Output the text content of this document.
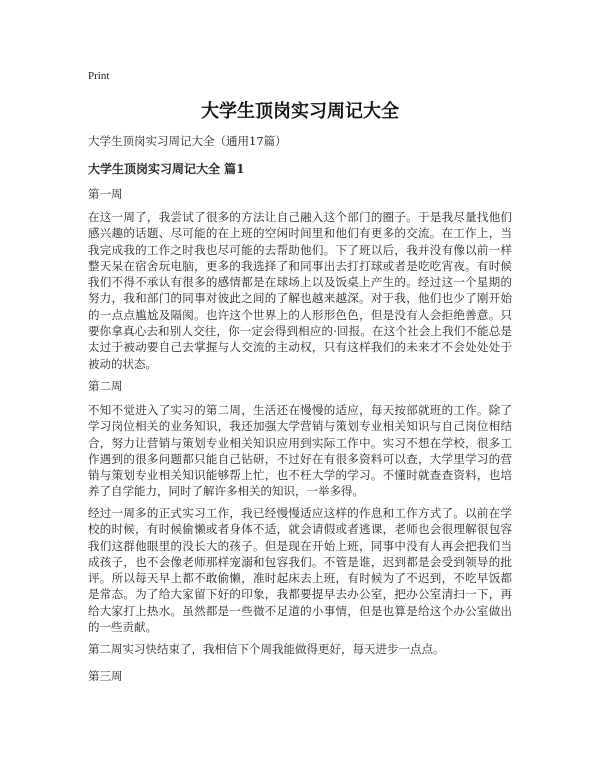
Print
大学生顶岗实习周记大全
大学生顶岗实习周记大全（通用17篇）
大学生顶岗实习周记大全 篇1
第一周
在这一周了，我尝试了很多的方法让自己融入这个部门的圈子。于是我尽量找他们感兴趣的话题、尽可能的在上班的空闲时间里和他们有更多的交流。在工作上，当我完成我的工作之时我也尽可能的去帮助他们。下了班以后，我并没有像以前一样整天呆在宿舍玩电脑，更多的我选择了和同事出去打打球或者是吃吃宵夜。有时候我们不得不承认有很多的感情都是在球场上以及饭桌上产生的。经过这一个星期的努力，我和部门的同事对彼此之间的了解也越来越深。对于我，他们也少了刚开始的一点点尴尬及隔阂。也许这个世界上的人形形色色，但是没有人会拒绝善意。只要你拿真心去和别人交往，你一定会得到相应的·回报。在这个社会上我们不能总是太过于被动要自己去掌握与人交流的主动权，只有这样我们的未来才不会处处处于被动的状态。
第二周
不知不觉进入了实习的第二周，生活还在慢慢的适应，每天按部就班的工作。除了学习岗位相关的业务知识，我还加强大学营销与策划专业相关知识与自己岗位相结合，努力让营销与策划专业相关知识应用到实际工作中。实习不想在学校，很多工作遇到的很多问题都只能自己钻研，不过好在有很多资料可以查，大学里学习的营销与策划专业相关知识能够帮上忙，也不枉大学的学习。不懂时就查查资料，也培养了自学能力，同时了解许多相关的知识，一举多得。
经过一周多的正式实习工作，我已经慢慢适应这样的作息和工作方式了。以前在学校的时候，有时候偷懒或者身体不适，就会请假或者逃课，老师也会很理解很包容我们这群他眼里的没长大的孩子。但是现在开始上班，同事中没有人再会把我们当成孩子，也不会像老师那样宠溺和包容我们。不管是谁，迟到都是会受到领导的批评。所以每天早上都不敢偷懒，准时起床去上班，有时候为了不迟到，不吃早饭都是常态。为了给大家留下好的印象，我都要提早去办公室，把办公室清扫一下，再给大家打上热水。虽然都是一些微不足道的小事情，但是也算是给这个办公室做出的一些贡献。
第二周实习快结束了，我相信下个周我能做得更好，每天进步一点点。
第三周
